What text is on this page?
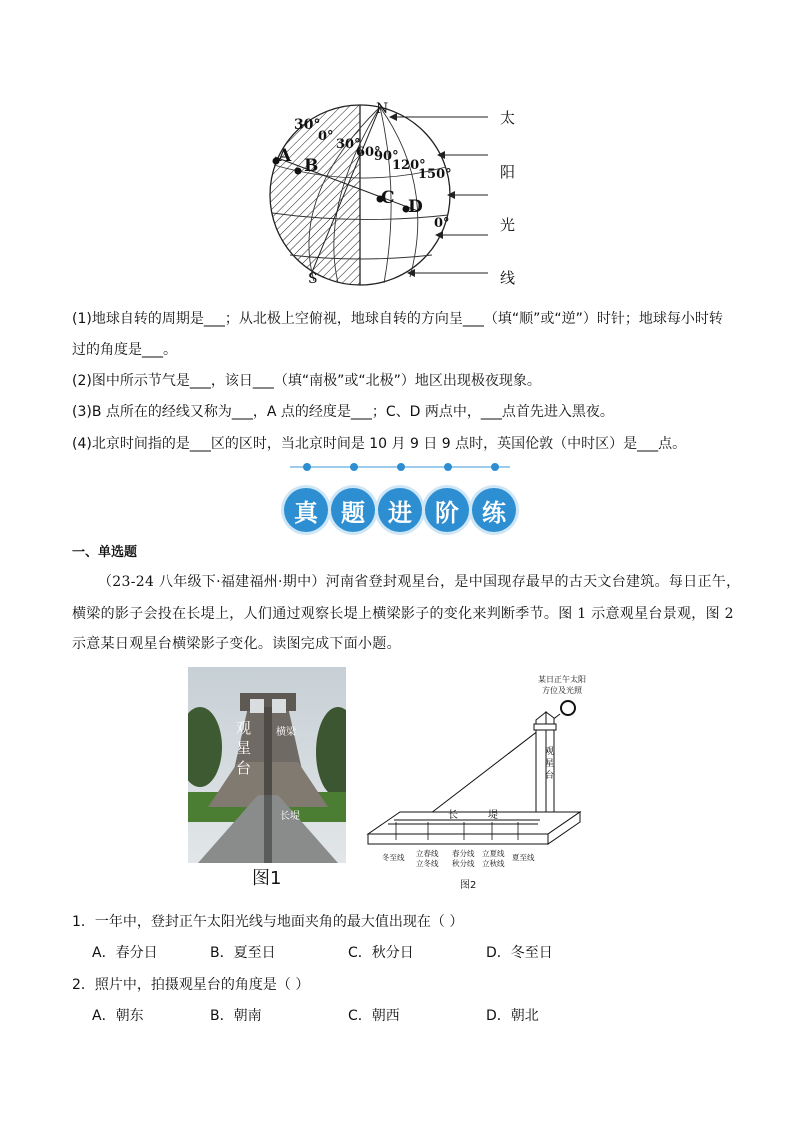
N
S
A B
C D
30°
0°
30°
60°
90°
120°
150°
0°
太
阳
光
线
(1)地球自转的周期是___；从北极上空俯视，地球自转的方向呈___（填“顺”或“逆”）时针；地球每小时转
过的角度是___。
(2)图中所示节气是___，该日___（填“南极”或“北极”）地区出现极夜现象。
(3)B 点所在的经线又称为___，A 点的经度是___；C、D 两点中，___点首先进入黑夜。
(4)北京时间指的是___区的区时，当北京时间是 10 月 9 日 9 点时，英国伦敦（中时区）是___点。
真 题 进 阶 练
一、单选题
（23-24 八年级下·福建福州·期中）河南省登封观星台，是中国现存最早的古天文台建筑。每日正午，
横梁的影子会投在长堤上，人们通过观察长堤上横梁影子的变化来判断季节。图 1 示意观星台景观，图 2
示意某日观星台横梁影子变化。读图完成下面小题。
观
星
台
横梁
长堤
图1
某日正午太阳
方位及光照
观
星
台
长	堤
冬至线 立春线
立冬线
春分线
秋分线
立夏线
立秋线
夏至线
图2
1．一年中，登封正午太阳光线与地面夹角的最大值出现在（ ）
A．春分日	B．夏至日	C．秋分日	D．冬至日
2．照片中，拍摄观星台的角度是（ ）
A．朝东	B．朝南	C．朝西	D．朝北
